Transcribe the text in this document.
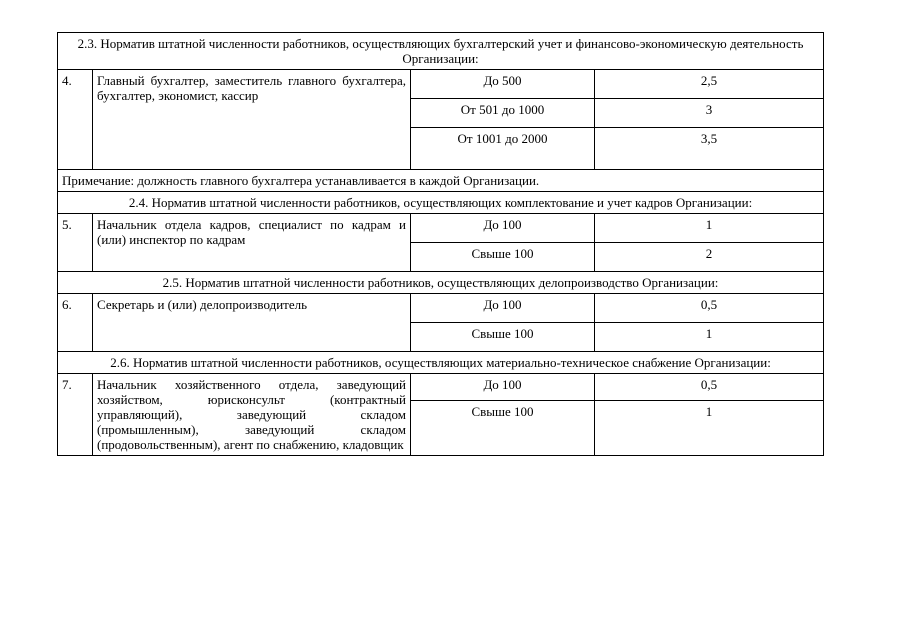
2.3. Норматив штатной численности работников, осуществляющих бухгалтерский учет и финансово-экономическую деятельность Организации:			
4.	Главный бухгалтер, заместитель главного бухгалтера, бухгалтер, экономист, кассир	До 500	2,5
		От 501 до 1000	3
		От 1001 до 2000	3,5
Примечание: должность главного бухгалтера устанавливается в каждой Организации.			
2.4. Норматив штатной численности работников, осуществляющих комплектование и учет кадров Организации:			
5.	Начальник отдела кадров, специалист по кадрам и (или) инспектор по кадрам	До 100	1
		Свыше 100	2
2.5. Норматив штатной численности работников, осуществляющих делопроизводство Организации:			
6.	Секретарь и (или) делопроизводитель	До 100	0,5
		Свыше 100	1
2.6. Норматив штатной численности работников, осуществляющих материально-техническое снабжение Организации:			
7.	Начальник хозяйственного отдела, заведующий хозяйством, юрисконсульт (контрактный управляющий), заведующий складом (промышленным), заведующий складом (продовольственным), агент по снабжению, кладовщик	До 100	0,5
		Свыше 100	1
